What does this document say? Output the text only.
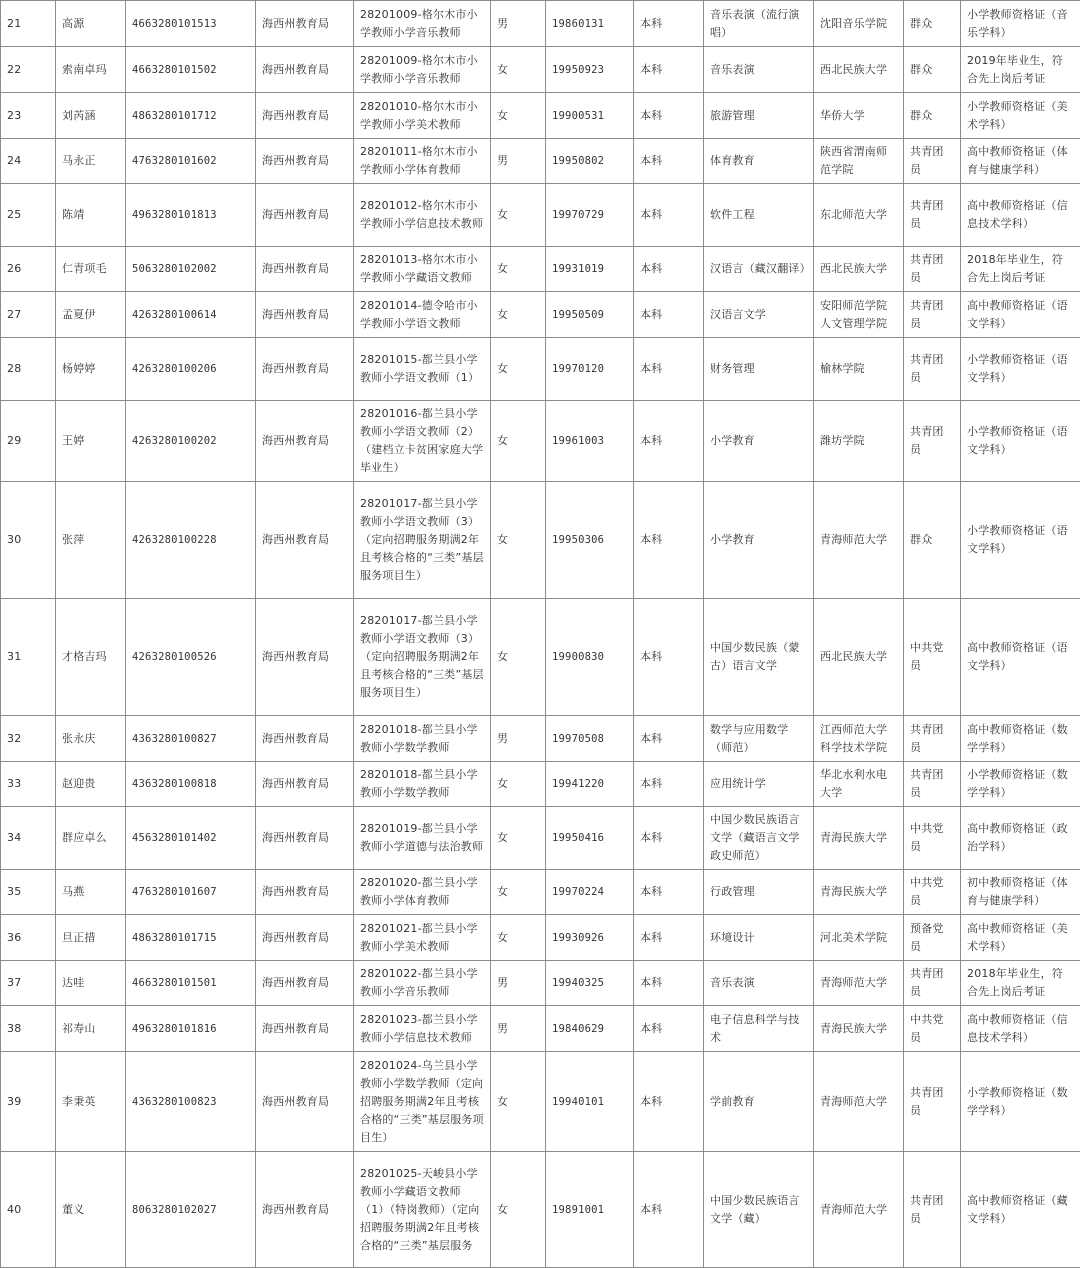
21	高源	4663280101513	海西州教育局	28201009-格尔木市小学教师小学音乐教师	男	19860131	本科	音乐表演（流行演唱）	沈阳音乐学院	群众	小学教师资格证（音乐学科）
22	索南卓玛	4663280101502	海西州教育局	28201009-格尔木市小学教师小学音乐教师	女	19950923	本科	音乐表演	西北民族大学	群众	2019年毕业生，符合先上岗后考证
23	刘芮涵	4863280101712	海西州教育局	28201010-格尔木市小学教师小学美术教师	女	19900531	本科	旅游管理	华侨大学	群众	小学教师资格证（美术学科）
24	马永正	4763280101602	海西州教育局	28201011-格尔木市小学教师小学体育教师	男	19950802	本科	体育教育	陕西省渭南师范学院	共青团员	高中教师资格证（体育与健康学科）
25	陈靖	4963280101813	海西州教育局	28201012-格尔木市小学教师小学信息技术教师	女	19970729	本科	软件工程	东北师范大学	共青团员	高中教师资格证（信息技术学科）
26	仁青项毛	5063280102002	海西州教育局	28201013-格尔木市小学教师小学藏语文教师	女	19931019	本科	汉语言（藏汉翻译）	西北民族大学	共青团员	2018年毕业生，符合先上岗后考证
27	孟夏伊	4263280100614	海西州教育局	28201014-德令哈市小学教师小学语文教师	女	19950509	本科	汉语言文学	安阳师范学院人文管理学院	共青团员	高中教师资格证（语文学科）
28	杨婷婷	4263280100206	海西州教育局	28201015-都兰县小学教师小学语文教师（1）	女	19970120	本科	财务管理	榆林学院	共青团员	小学教师资格证（语文学科）
29	王婷	4263280100202	海西州教育局	28201016-都兰县小学教师小学语文教师（2）（建档立卡贫困家庭大学毕业生）	女	19961003	本科	小学教育	潍坊学院	共青团员	小学教师资格证（语文学科）
30	张萍	4263280100228	海西州教育局	28201017-都兰县小学教师小学语文教师（3）（定向招聘服务期满2年且考核合格的“三类”基层服务项目生）	女	19950306	本科	小学教育	青海师范大学	群众	小学教师资格证（语文学科）
31	才格吉玛	4263280100526	海西州教育局	28201017-都兰县小学教师小学语文教师（3）（定向招聘服务期满2年且考核合格的“三类”基层服务项目生）	女	19900830	本科	中国少数民族（蒙古）语言文学	西北民族大学	中共党员	高中教师资格证（语文学科）
32	张永庆	4363280100827	海西州教育局	28201018-都兰县小学教师小学数学教师	男	19970508	本科	数学与应用数学（师范）	江西师范大学科学技术学院	共青团员	高中教师资格证（数学学科）
33	赵迎贵	4363280100818	海西州教育局	28201018-都兰县小学教师小学数学教师	女	19941220	本科	应用统计学	华北水利水电大学	共青团员	小学教师资格证（数学学科）
34	群应卓么	4563280101402	海西州教育局	28201019-都兰县小学教师小学道德与法治教师	女	19950416	本科	中国少数民族语言文学（藏语言文学政史师范）	青海民族大学	中共党员	高中教师资格证（政治学科）
35	马燕	4763280101607	海西州教育局	28201020-都兰县小学教师小学体育教师	女	19970224	本科	行政管理	青海民族大学	中共党员	初中教师资格证（体育与健康学科）
36	旦正措	4863280101715	海西州教育局	28201021-都兰县小学教师小学美术教师	女	19930926	本科	环境设计	河北美术学院	预备党员	高中教师资格证（美术学科）
37	达哇	4663280101501	海西州教育局	28201022-都兰县小学教师小学音乐教师	男	19940325	本科	音乐表演	青海师范大学	共青团员	2018年毕业生，符合先上岗后考证
38	祁寿山	4963280101816	海西州教育局	28201023-都兰县小学教师小学信息技术教师	男	19840629	本科	电子信息科学与技术	青海民族大学	中共党员	高中教师资格证（信息技术学科）
39	李秉英	4363280100823	海西州教育局	28201024-乌兰县小学教师小学数学教师（定向招聘服务期满2年且考核合格的“三类”基层服务项目生）	女	19940101	本科	学前教育	青海师范大学	共青团员	小学教师资格证（数学学科）
40	董义	8063280102027	海西州教育局	28201025-天峻县小学教师小学藏语文教师（1）（特岗教师）（定向招聘服务期满2年且考核合格的“三类”基层服务	女	19891001	本科	中国少数民族语言文学（藏）	青海师范大学	共青团员	高中教师资格证（藏文学科）
